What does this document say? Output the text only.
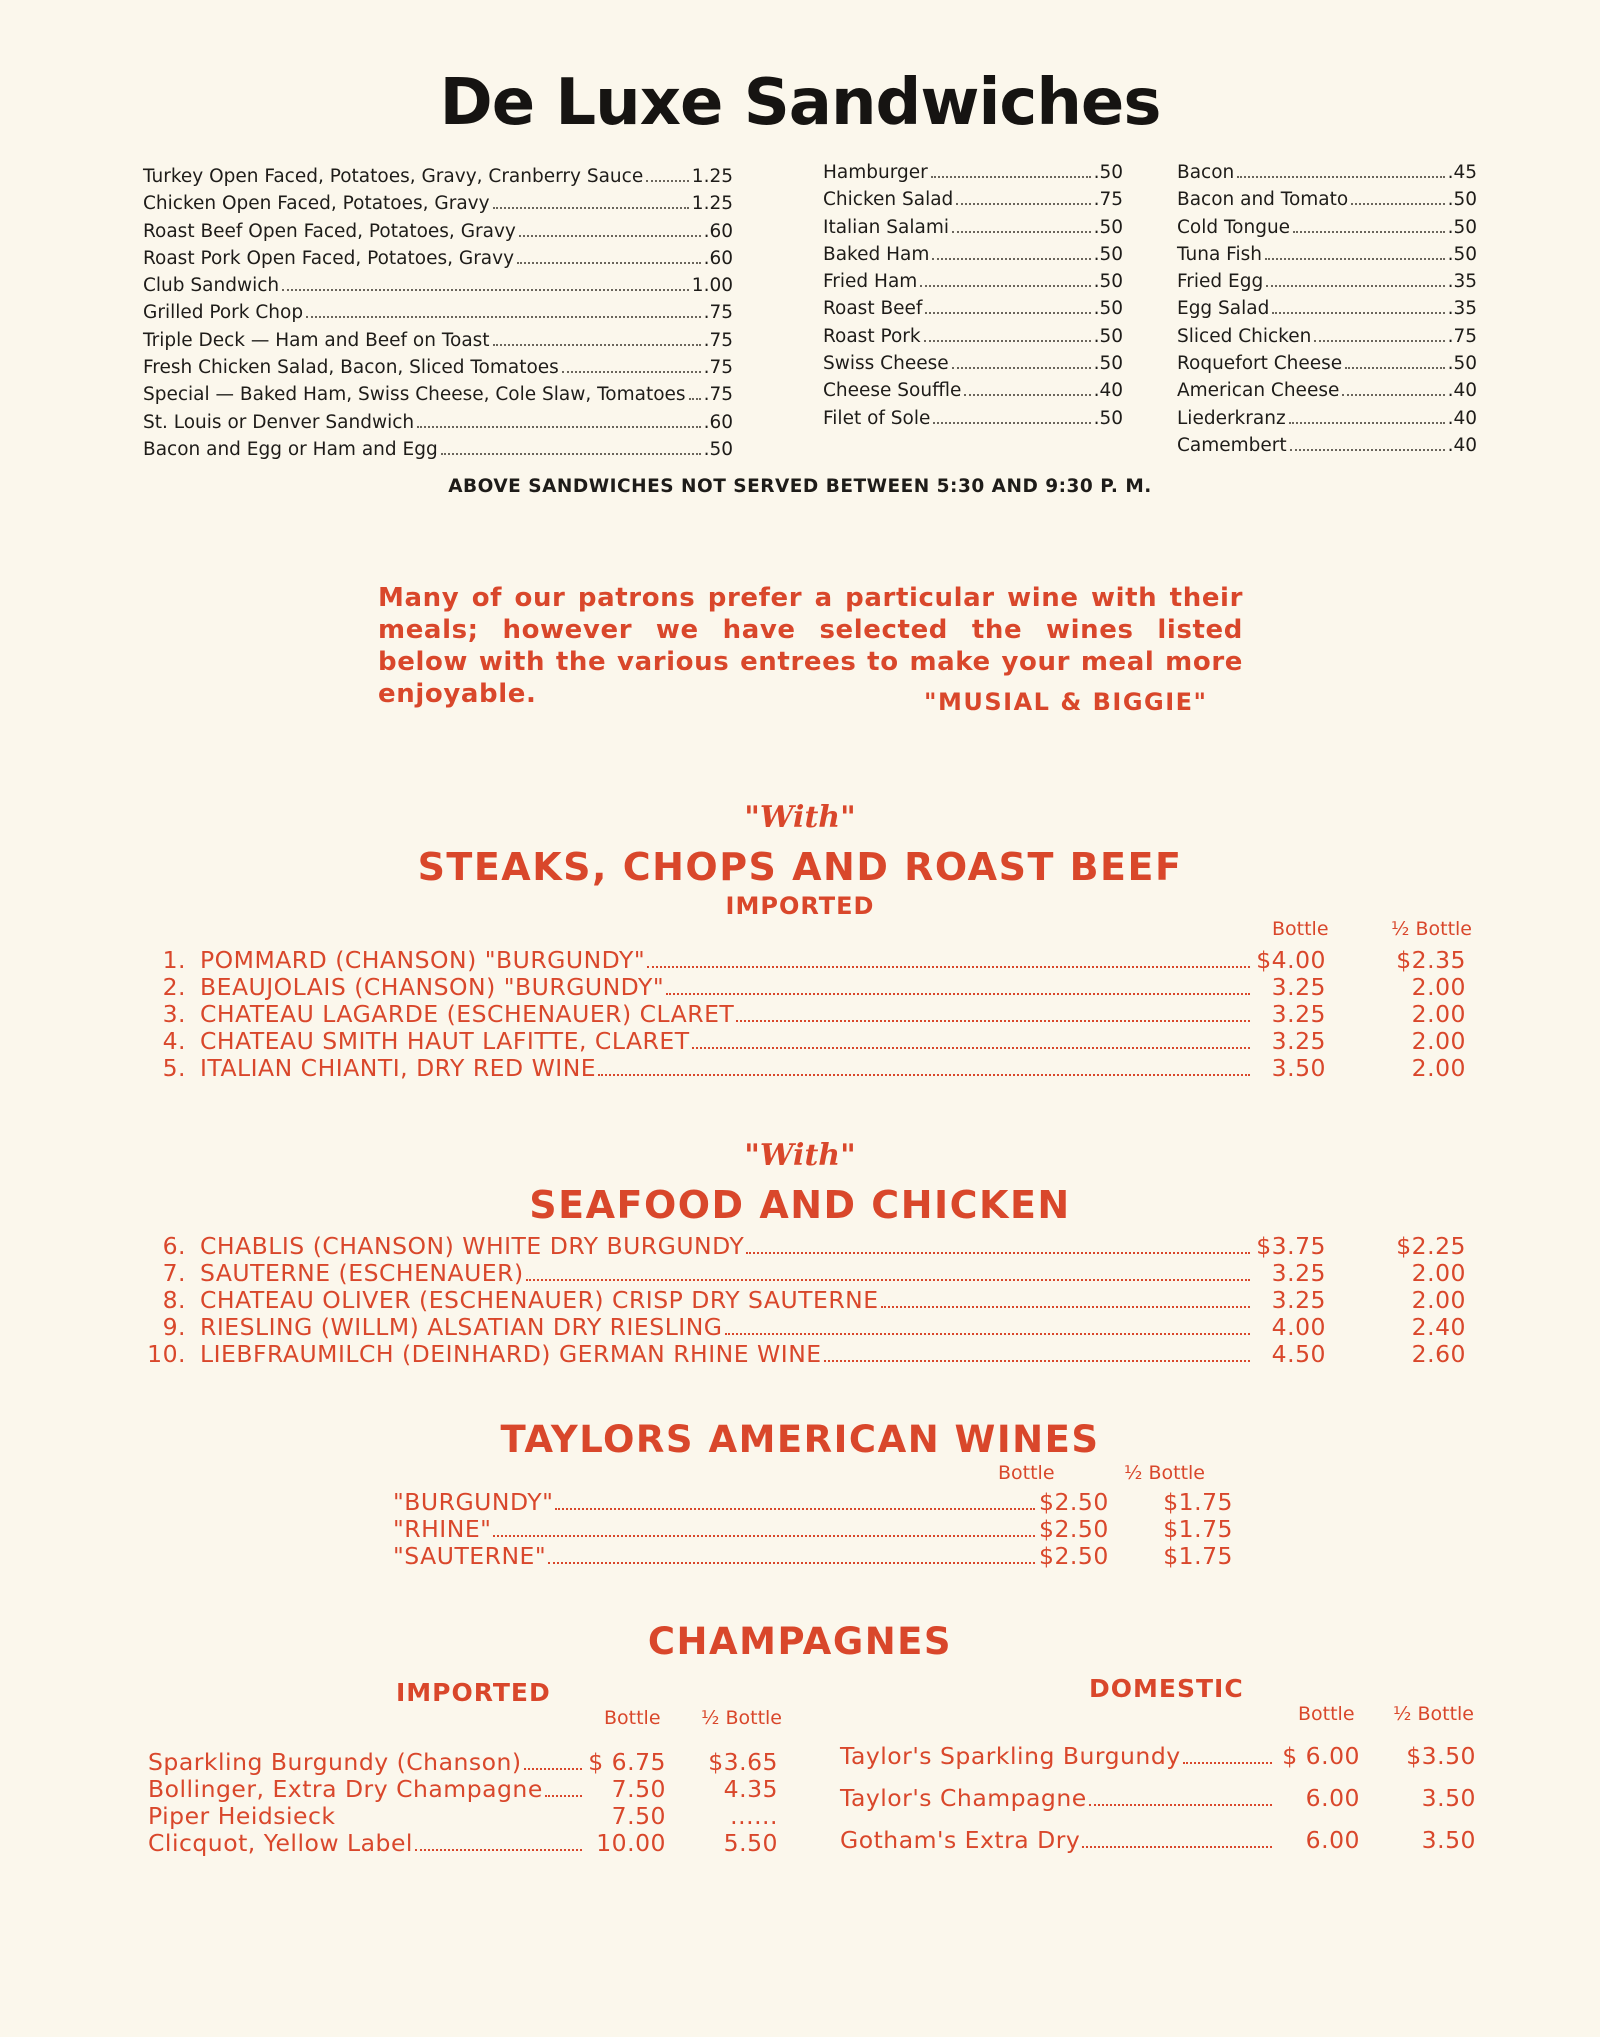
De Luxe Sandwiches
Turkey Open Faced, Potatoes, Gravy, Cranberry Sauce	1.25
Chicken Open Faced, Potatoes, Gravy	1.25
Roast Beef Open Faced, Potatoes, Gravy	.60
Roast Pork Open Faced, Potatoes, Gravy	.60
Club Sandwich	1.00
Grilled Pork Chop	.75
Triple Deck — Ham and Beef on Toast	.75
Fresh Chicken Salad, Bacon, Sliced Tomatoes	.75
Special — Baked Ham, Swiss Cheese, Cole Slaw, Tomatoes .75
St. Louis or Denver Sandwich	.60
Bacon and Egg or Ham and Egg	.50
Hamburger	.50
Chicken Salad	.75
Italian Salami	.50
Baked Ham	.50
Fried Ham	.50
Roast Beef	.50
Roast Pork	.50
Swiss Cheese	.50
Cheese Souffle	.40
Filet of Sole	.50
Bacon	.45
Bacon and Tomato	.50
Cold Tongue	.50
Tuna Fish	.50
Fried Egg	.35
Egg Salad	.35
Sliced Chicken	.75
Roquefort Cheese	.50
American Cheese	.40
Liederkranz	.40
Camembert	.40

ABOVE SANDWICHES NOT SERVED BETWEEN 5:30 AND 9:30 P. M.

Many of our patrons prefer a particular wine with their meals; however we have selected the wines listed below with the various entrees to make your meal more enjoyable.	"MUSIAL & BIGGIE"

"With"

STEAKS, CHOPS AND ROAST BEEF

IMPORTED

Bottle	½ Bottle
1. POMMARD (CHANSON) "BURGUNDY"	$4.00	$2.35
2. BEAUJOLAIS (CHANSON) "BURGUNDY"	3.25	2.00
3. CHATEAU LAGARDE (ESCHENAUER) CLARET	3.25	2.00
4. CHATEAU SMITH HAUT LAFITTE, CLARET	3.25	2.00
5. ITALIAN CHIANTI, DRY RED WINE	3.50	2.00

"With"

SEAFOOD AND CHICKEN

6. CHABLIS (CHANSON) WHITE DRY BURGUNDY	$3.75	$2.25
7. SAUTERNE (ESCHENAUER)	3.25	2.00
8. CHATEAU OLIVER (ESCHENAUER) CRISP DRY SAUTERNE	3.25	2.00
9. RIESLING (WILLM) ALSATIAN DRY RIESLING	4.00	2.40
10. LIEBFRAUMILCH (DEINHARD) GERMAN RHINE WINE	4.50	2.60

TAYLORS AMERICAN WINES

Bottle	½ Bottle
"BURGUNDY"	$2.50	$1.75
"RHINE"	$2.50	$1.75
"SAUTERNE"	$2.50	$1.75

CHAMPAGNES

IMPORTED

Bottle ½ Bottle
Sparkling Burgundy (Chanson)	$ 6.75	$3.65
Bollinger, Extra Dry Champagne	7.50	4.35
Piper Heidsieck	7.50	......
Clicquot, Yellow Label	10.00	5.50

DOMESTIC

Bottle ½ Bottle
Taylor's Sparkling Burgundy	$ 6.00	$3.50
Taylor's Champagne	6.00	3.50
Gotham's Extra Dry	6.00	3.50
